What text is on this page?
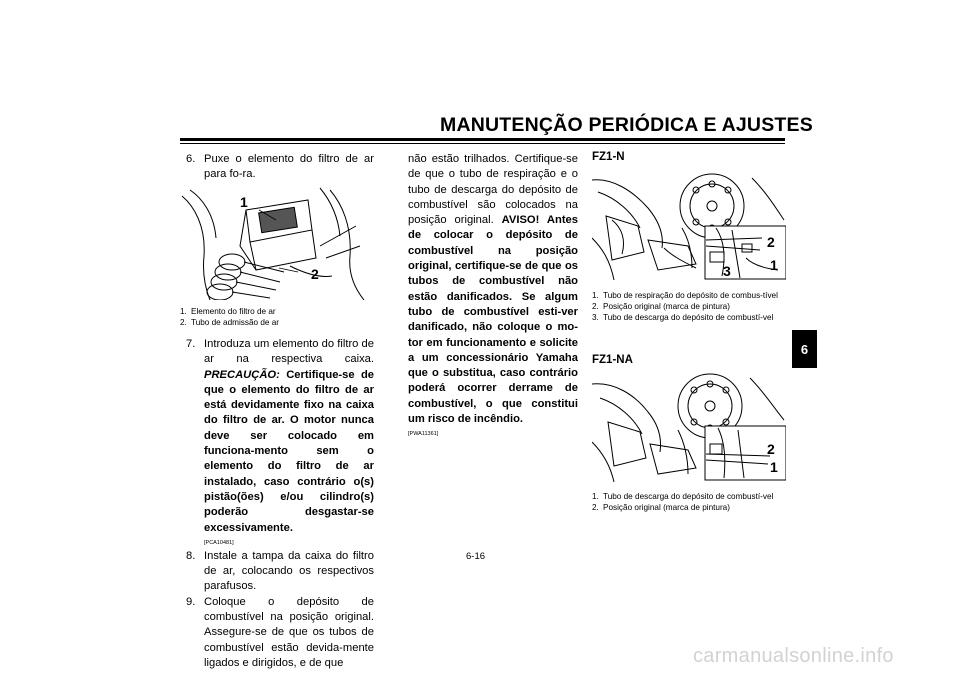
MANUTENÇÃO PERIÓDICA E AJUSTES
6
6. Puxe o elemento do filtro de ar para fo-ra.
1
2
1. Elemento do filtro de ar
2. Tubo de admissão de ar
7. Introduza um elemento do filtro de ar na respectiva caixa. PRECAUÇÃO: Certifique-se de que o elemento do filtro de ar está devidamente fixo na caixa do filtro de ar. O motor nunca deve ser colocado em funciona-mento sem o elemento do filtro de ar instalado, caso contrário o(s) pistão(ões) e/ou cilindro(s) poderão desgastar-se excessivamente.
[PCA10481]
8. Instale a tampa da caixa do filtro de ar, colocando os respectivos parafusos.
9. Coloque o depósito de combustível na posição original. Assegure-se de que os tubos de combustível estão devida-mente ligados e dirigidos, e de que
não estão trilhados. Certifique-se de que o tubo de respiração e o tubo de descarga do depósito de combustível são colocados na posição original. AVISO! Antes de colocar o depósito de combustível na posição original, certifique-se de que os tubos de combustível não estão danificados. Se algum tubo de combustível esti-ver danificado, não coloque o mo-tor em funcionamento e solicite a um concessionário Yamaha que o substitua, caso contrário poderá ocorrer derrame de combustível, o que constitui um risco de incêndio.
[PWA11361]
FZ1-N
2
1
3
1. Tubo de respiração do depósito de combus-tível
2. Posição original (marca de pintura)
3. Tubo de descarga do depósito de combustí-vel
FZ1-NA
2
1
1. Tubo de descarga do depósito de combustí-vel
2. Posição original (marca de pintura)
6-16
carmanualsonline.info
